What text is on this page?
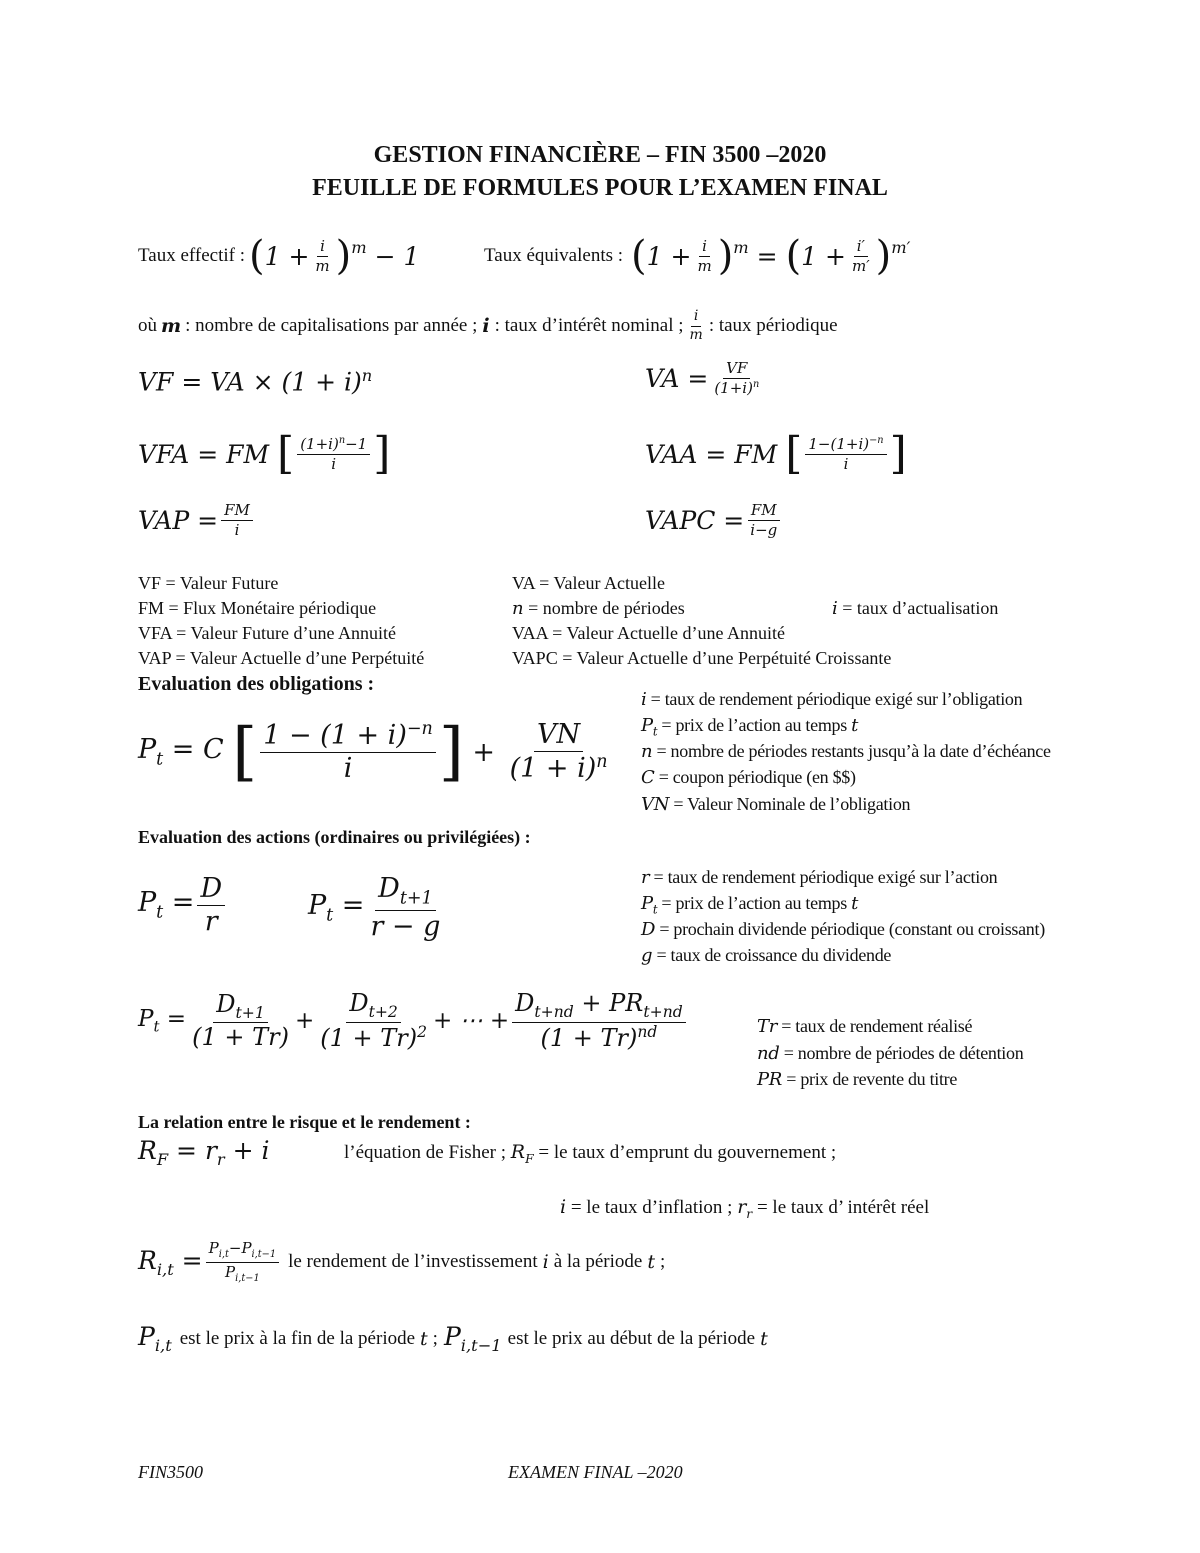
GESTION FINANCIÈRE – FIN 3500 –2020
FEUILLE DE FORMULES POUR L’EXAMEN FINAL
Taux effectif : ( $1 + \frac{i}{m} )^m - 1$	Taux équivalents : ( $1 + \frac{i}{m} )^m$ = ( $1 + \frac{i'}{m'} )^{m'}$
où m : nombre de capitalisations par année ; i : taux d’intérêt nominal ; $\frac{i}{m}$ : taux périodique
VF = VA × $(1 + i)^n$	VA = $\frac{VF}{(1+i)^n}$
VFA = FM [ $\frac{(1+i)^n-1}{i}$ ]	VAA = FM [ $\frac{1-(1+i)^{-n}}{i}$ ]
VAP = $\frac{FM}{i}$	VAPC = $\frac{FM}{i-g}$
VF = Valeur Future	VA = Valeur Actuelle
FM = Flux Monétaire périodique	n = nombre de périodes	i = taux d’actualisation
VFA = Valeur Future d’une Annuité	VAA = Valeur Actuelle d’une Annuité
VAP = Valeur Actuelle d’une Perpétuité	VAPC = Valeur Actuelle d’une Perpétuité Croissante
Evaluation des obligations :
$P_t = C$ [ $\frac{1 - (1 + i)^{-n}}{i}$ ] + $\frac{VN}{(1 + i)^n}$
i = taux de rendement périodique exigé sur l’obligation
$P_t$ = prix de l’action au temps t
n = nombre de périodes restants jusqu’à la date d’échéance
C = coupon périodique (en $$)
VN = Valeur Nominale de l’obligation
Evaluation des actions (ordinaires ou privilégiées) :
$P_t = \frac{D}{r}$	$P_t = \frac{D_{t+1}}{r - g}$	r = taux de rendement périodique exigé sur l’action
$P_t$ = prix de l’action au temps t
D = prochain dividende périodique (constant ou croissant)
g = taux de croissance du dividende
$P_t = \frac{D_{t+1}}{(1 + Tr)} + \frac{D_{t+2}}{(1 + Tr)^2}$ + ⋯ + $\frac{D_{t+nd} + PR_{t+nd}}{(1 + Tr)^{nd}}$	Tr = taux de rendement réalisé
nd = nombre de périodes de détention
PR = prix de revente du titre
La relation entre le risque et le rendement :
$R_F = r_r + i$	l’équation de Fisher ; $R_F$ = le taux d’emprunt du gouvernement ;
i = le taux d’inflation ; $r_r$ = le taux d’ intérêt réel
$R_{i,t} = \frac{P_{i,t}-P_{i,t-1}}{P_{i,t-1}}$ le rendement de l’investissement i à la période t ;
$P_{i,t}$ est le prix à la fin de la période t ; $P_{i,t-1}$ est le prix au début de la période t
FIN3500	EXAMEN FINAL –2020
